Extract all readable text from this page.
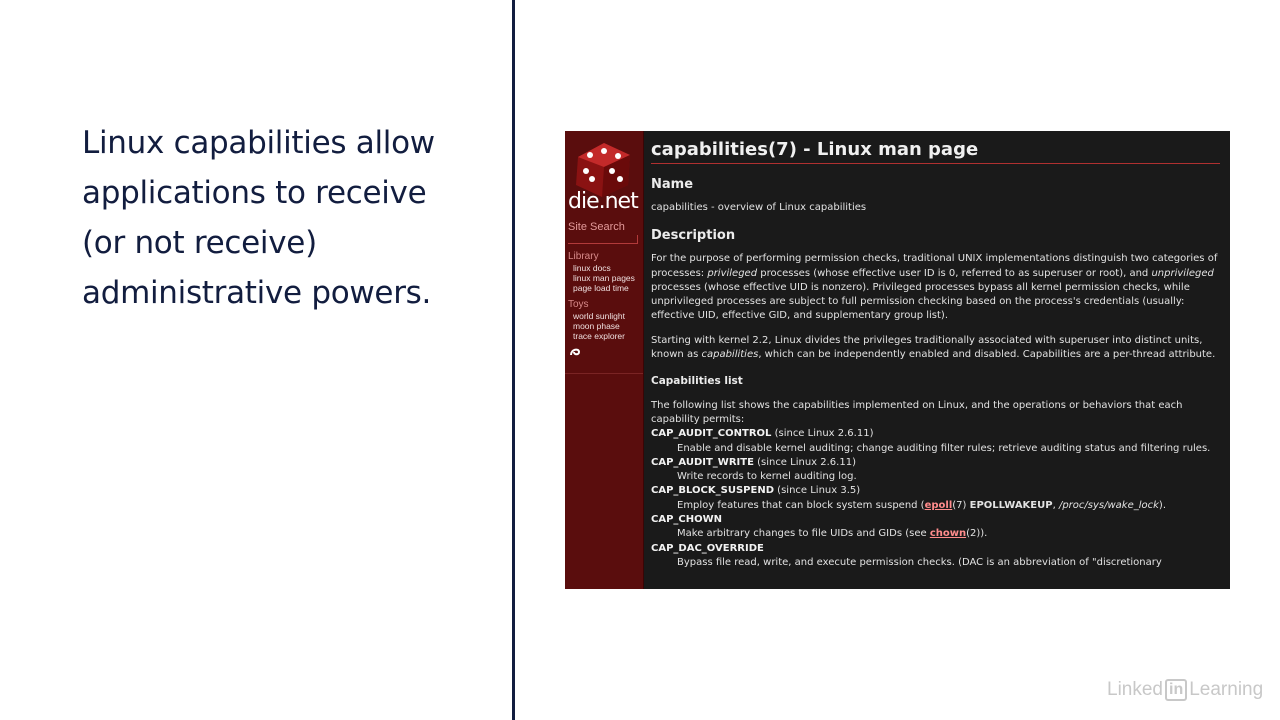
Linux capabilities allow
applications to receive
(or not receive)
administrative powers.
die.net
Site Search
Library
linux docs
linux man pages
page load time
Toys
world sunlight
moon phase
trace explorer
capabilities(7) - Linux man page
Name

capabilities - overview of Linux capabilities

Description

For the purpose of performing permission checks, traditional UNIX implementations distinguish two categories of processes: privileged processes (whose effective user ID is 0, referred to as superuser or root), and unprivileged processes (whose effective UID is nonzero). Privileged processes bypass all kernel permission checks, while unprivileged processes are subject to full permission checking based on the process's credentials (usually: effective UID, effective GID, and supplementary group list).

Starting with kernel 2.2, Linux divides the privileges traditionally associated with superuser into distinct units, known as capabilities, which can be independently enabled and disabled. Capabilities are a per-thread attribute.

Capabilities list

The following list shows the capabilities implemented on Linux, and the operations or behaviors that each capability permits:

CAP_AUDIT_CONTROL (since Linux 2.6.11)
Enable and disable kernel auditing; change auditing filter rules; retrieve auditing status and filtering rules.
CAP_AUDIT_WRITE (since Linux 2.6.11)
Write records to kernel auditing log.
CAP_BLOCK_SUSPEND (since Linux 3.5)
Employ features that can block system suspend (epoll(7) EPOLLWAKEUP, /proc/sys/wake_lock).
CAP_CHOWN
Make arbitrary changes to file UIDs and GIDs (see chown(2)).
CAP_DAC_OVERRIDE
Bypass file read, write, and execute permission checks. (DAC is an abbreviation of "discretionary
Linked in Learning
